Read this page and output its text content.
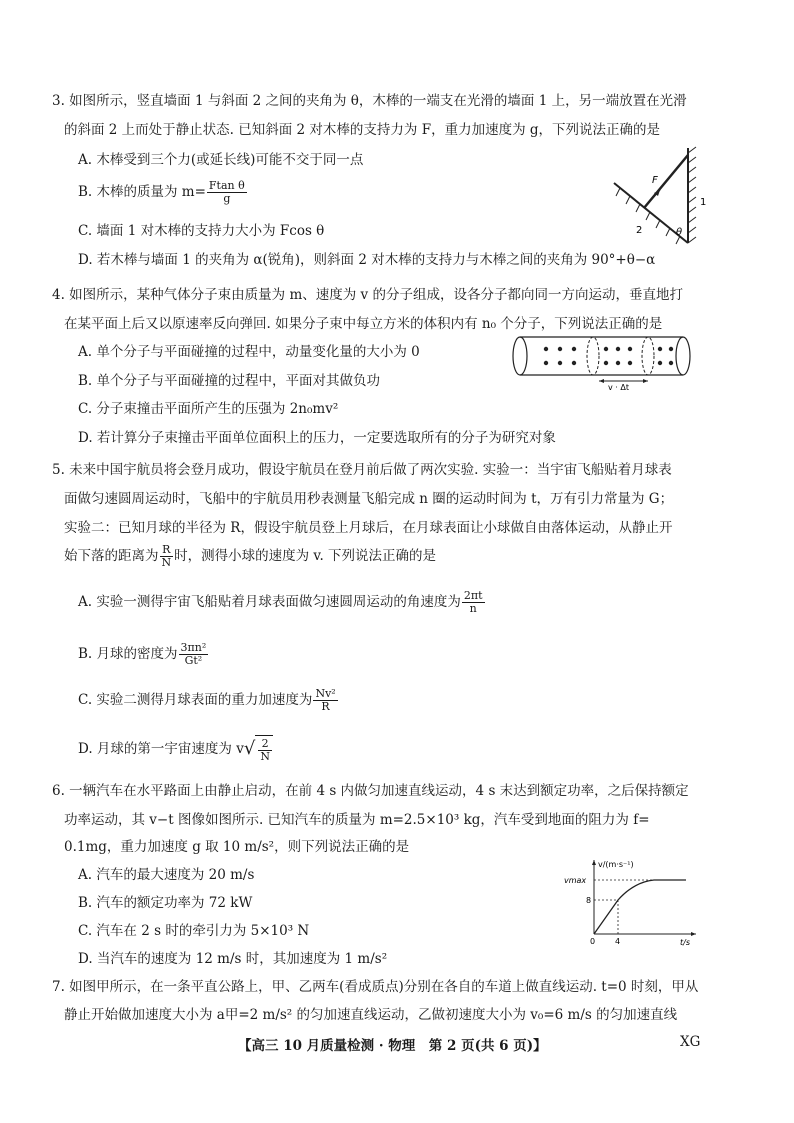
3. 如图所示，竖直墙面 1 与斜面 2 之间的夹角为 θ，木棒的一端支在光滑的墙面 1 上，另一端放置在光滑
的斜面 2 上而处于静止状态. 已知斜面 2 对木棒的支持力为 F，重力加速度为 g，下列说法正确的是
A. 木棒受到三个力(或延长线)可能不交于同一点
B. 木棒的质量为 $m= \frac{\text{Ftan θ}}{g}$
C. 墙面 1 对木棒的支持力大小为 Fcos θ
D. 若木棒与墙面 1 的夹角为 α(锐角)，则斜面 2 对木棒的支持力与木棒之间的夹角为 90°+θ−α
F
1
2	θ
4. 如图所示，某种气体分子束由质量为 m、速度为 v 的分子组成，设各分子都向同一方向运动，垂直地打
在某平面上后又以原速率反向弹回. 如果分子束中每立方米的体积内有 n₀ 个分子，下列说法正确的是
A. 单个分子与平面碰撞的过程中，动量变化量的大小为 0
B. 单个分子与平面碰撞的过程中，平面对其做负功
C. 分子束撞击平面所产生的压强为 2n₀mv²
D. 若计算分子束撞击平面单位面积上的压力，一定要选取所有的分子为研究对象
v · Δt
5. 未来中国宇航员将会登月成功，假设宇航员在登月前后做了两次实验. 实验一：当宇宙飞船贴着月球表
面做匀速圆周运动时，飞船中的宇航员用秒表测量飞船完成 n 圈的运动时间为 t，万有引力常量为 G；
实验二：已知月球的半径为 R，假设宇航员登上月球后，在月球表面让小球做自由落体运动，从静止开
始下落的距离为 $\frac{R}{N}$ 时，测得小球的速度为 v. 下列说法正确的是
A. 实验一测得宇宙飞船贴着月球表面做匀速圆周运动的角速度为 $\frac{2\pi t}{n}$
B. 月球的密度为 $\frac{\text{3πn²}}{\text{Gt²}}$
C. 实验二测得月球表面的重力加速度为 $\frac{\text{Nv²}}{R}$
D. 月球的第一宇宙速度为 $v√ \frac{2}{N}$
6. 一辆汽车在水平路面上由静止启动，在前 4 s 内做匀加速直线运动，4 s 末达到额定功率，之后保持额定
功率运动，其 v−t 图像如图所示. 已知汽车的质量为 m=2.5×10³ kg，汽车受到地面的阻力为 f=
0.1mg，重力加速度 g 取 10 m/s²，则下列说法正确的是
A. 汽车的最大速度为 20 m/s
B. 汽车的额定功率为 72 kW
C. 汽车在 2 s 时的牵引力为 5×10³ N
D. 当汽车的速度为 12 m/s 时，其加速度为 1 m/s²
v/(m·s⁻¹)
t/s
vmax
8
0 4
7. 如图甲所示，在一条平直公路上，甲、乙两车(看成质点)分别在各自的车道上做直线运动. t=0 时刻，甲从
静止开始做加速度大小为 a甲=2 m/s² 的匀加速直线运动，乙做初速度大小为 v₀=6 m/s 的匀加速直线
【高三 10 月质量检测 · 物理　第 2 页(共 6 页)】	XG
